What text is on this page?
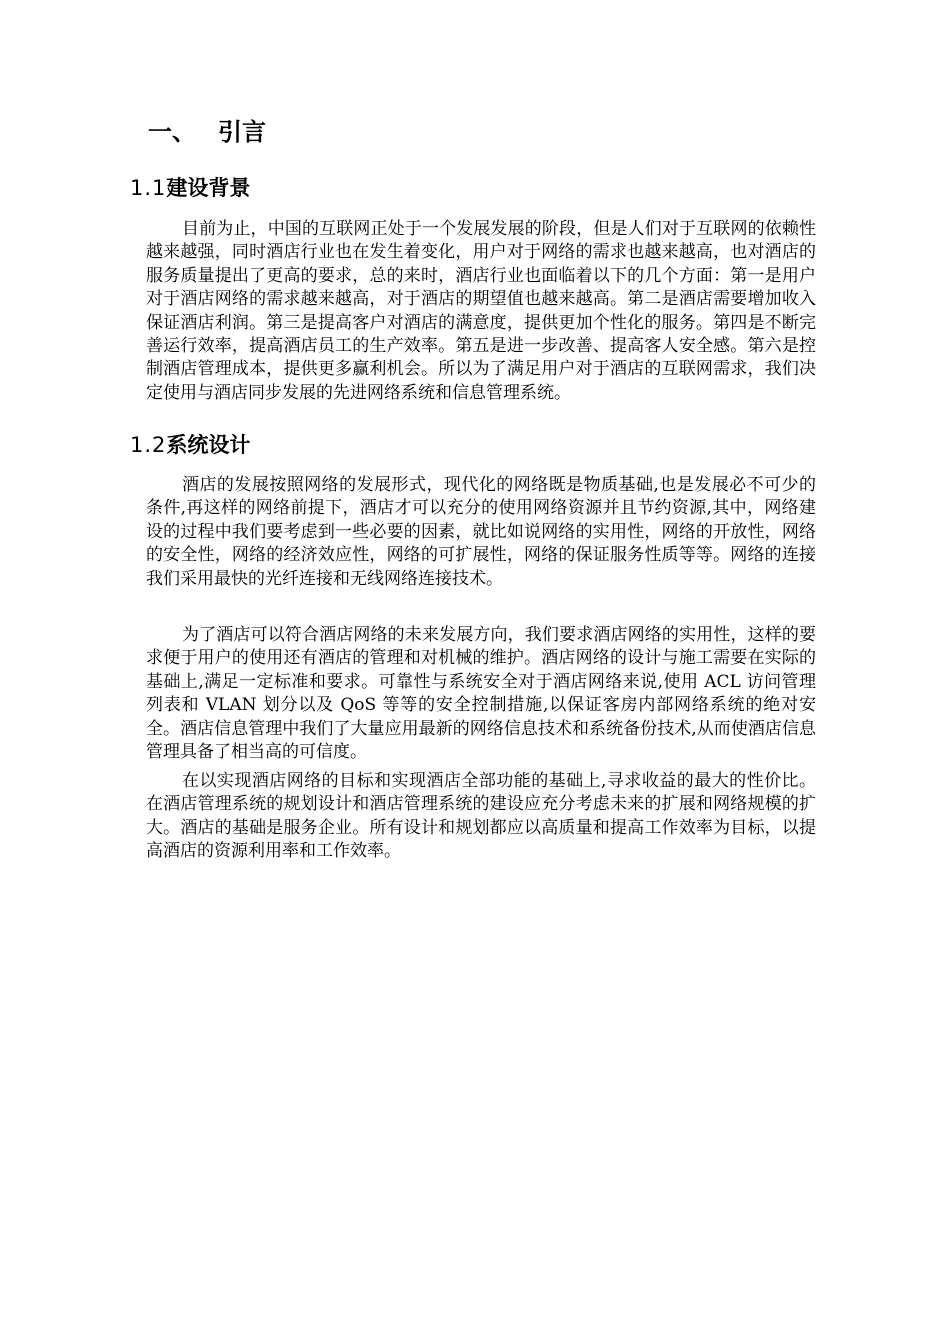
一、 引言
1.1建设背景

目前为止，中国的互联网正处于一个发展发展的阶段，但是人们对于互联网的依赖性越来越强，同时酒店行业也在发生着变化，用户对于网络的需求也越来越高，也对酒店的服务质量提出了更高的要求，总的来时，酒店行业也面临着以下的几个方面：第一是用户对于酒店网络的需求越来越高，对于酒店的期望值也越来越高。第二是酒店需要增加收入 保证酒店利润。第三是提高客户对酒店的满意度，提供更加个性化的服务。第四是不断完善运行效率，提高酒店员工的生产效率。第五是进一步改善、提高客人安全感。第六是控制酒店管理成本，提供更多赢利机会。所以为了满足用户对于酒店的互联网需求，我们决定使用与酒店同步发展的先进网络系统和信息管理系统。

1.2系统设计

酒店的发展按照网络的发展形式，现代化的网络既是物质基础,也是发展必不可少的条件,再这样的网络前提下，酒店才可以充分的使用网络资源并且节约资源,其中，网络建设的过程中我们要考虑到一些必要的因素，就比如说网络的实用性，网络的开放性，网络的安全性，网络的经济效应性，网络的可扩展性，网络的保证服务性质等等。网络的连接我们采用最快的光纤连接和无线网络连接技术。

为了酒店可以符合酒店网络的未来发展方向，我们要求酒店网络的实用性，这样的要求便于用户的使用还有酒店的管理和对机械的维护。酒店网络的设计与施工需要在实际的基础上,满足一定标准和要求。可靠性与系统安全对于酒店网络来说,使用 ACL 访问管理列表和 VLAN 划分以及 QoS 等等的安全控制措施,以保证客房内部网络系统的绝对安全。酒店信息管理中我们了大量应用最新的网络信息技术和系统备份技术,从而使酒店信息管理具备了相当高的可信度。

在以实现酒店网络的目标和实现酒店全部功能的基础上,寻求收益的最大的性价比。在酒店管理系统的规划设计和酒店管理系统的建设应充分考虑未来的扩展和网络规模的扩大。酒店的基础是服务企业。所有设计和规划都应以高质量和提高工作效率为目标，以提高酒店的资源利用率和工作效率。
